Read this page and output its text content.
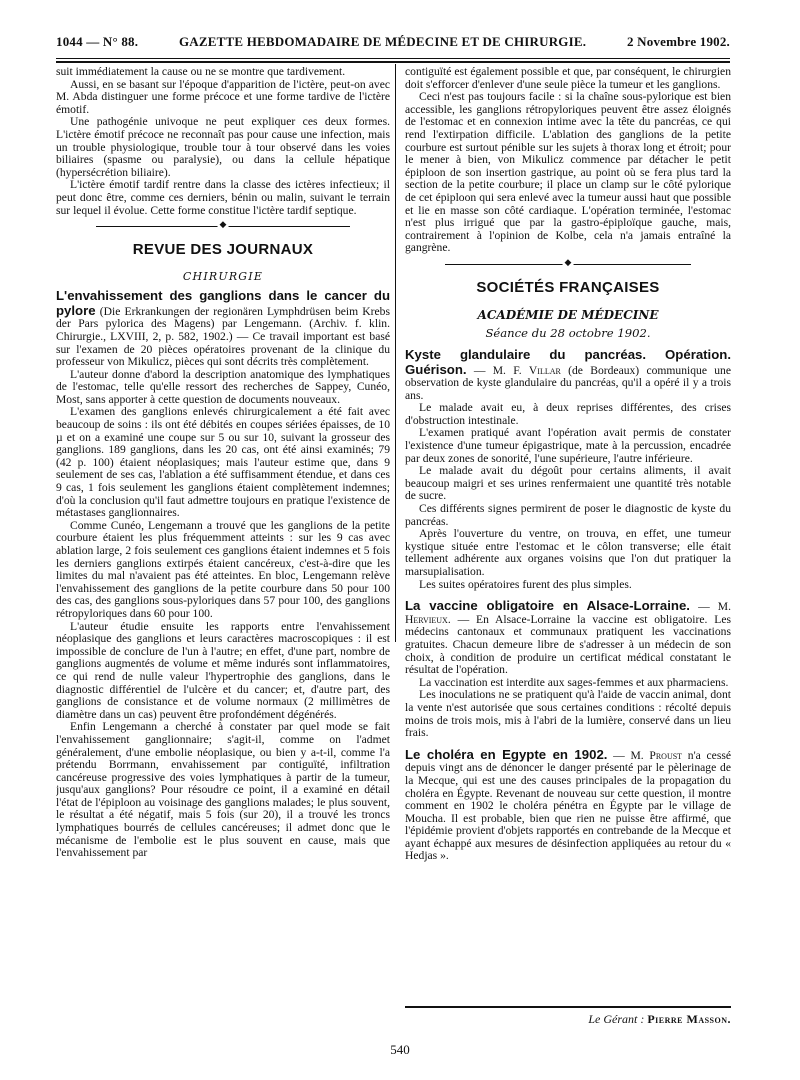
1044 — N° 88.	GAZETTE HEBDOMADAIRE DE MÉDECINE ET DE CHIRURGIE.	2 Novembre 1902.

suit immédiatement la cause ou ne se montre que tardivement.

Aussi, en se basant sur l'époque d'apparition de l'ictère, peut-on avec M. Abda distinguer une forme précoce et une forme tardive de l'ictère émotif.

Une pathogénie univoque ne peut expliquer ces deux formes. L'ictère émotif précoce ne reconnaît pas pour cause une infection, mais un trouble physiologique, trouble tour à tour observé dans les voies biliaires (spasme ou paralysie), ou dans la cellule hépatique (hypersécrétion biliaire).

L'ictère émotif tardif rentre dans la classe des ictères infectieux; il peut donc être, comme ces derniers, bénin ou malin, suivant le terrain sur lequel il évolue. Cette forme constitue l'ictère tardif septique.

◆
REVUE DES JOURNAUX
CHIRURGIE

L'envahissement des ganglions dans le cancer du pylore (Die Erkrankungen der regionären Lymphdrüsen beim Krebs der Pars pylorica des Magens) par Lengemann. (Archiv. f. klin. Chirurgie., LXVIII, 2, p. 582, 1902.) — Ce travail important est basé sur l'examen de 20 pièces opératoires provenant de la clinique du professeur von Mikulicz, pièces qui sont décrits très complètement.

L'auteur donne d'abord la description anatomique des lymphatiques de l'estomac, telle qu'elle ressort des recherches de Sappey, Cunéo, Most, sans apporter à cette question de documents nouveaux.

L'examen des ganglions enlevés chirurgicalement a été fait avec beaucoup de soins : ils ont été débités en coupes sériées épaisses, de 10 µ et on a examiné une coupe sur 5 ou sur 10, suivant la grosseur des ganglions. 189 ganglions, dans les 20 cas, ont été ainsi examinés; 79 (42 p. 100) étaient néoplasiques; mais l'auteur estime que, dans 9 seulement de ses cas, l'ablation a été suffisamment étendue, et dans ces 9 cas, 1 fois seulement les ganglions étaient complètement indemnes; d'où la conclusion qu'il faut admettre toujours en pratique l'existence de métastases ganglionnaires.

Comme Cunéo, Lengemann a trouvé que les ganglions de la petite courbure étaient les plus fréquemment atteints : sur les 9 cas avec ablation large, 2 fois seulement ces ganglions étaient indemnes et 5 fois les derniers ganglions extirpés étaient cancéreux, c'est-à-dire que les limites du mal n'avaient pas été atteintes. En bloc, Lengemann relève l'envahissement des ganglions de la petite courbure dans 50 pour 100 des cas, des ganglions sous-pyloriques dans 57 pour 100, des ganglions rétropyloriques dans 60 pour 100.

L'auteur étudie ensuite les rapports entre l'envahissement néoplasique des ganglions et leurs caractères macroscopiques : il est impossible de conclure de l'un à l'autre; en effet, d'une part, nombre de ganglions augmentés de volume et même indurés sont inflammatoires, ce qui rend de nulle valeur l'hypertrophie des ganglions, dans le diagnostic différentiel de l'ulcère et du cancer; et, d'autre part, des ganglions de consistance et de volume normaux (2 millimètres de diamètre dans un cas) peuvent être profondément dégénérés.

Enfin Lengemann a cherché à constater par quel mode se fait l'envahissement ganglionnaire; s'agit-il, comme on l'admet généralement, d'une embolie néoplasique, ou bien y a-t-il, comme l'a prétendu Borrmann, envahissement par contiguïté, infiltration cancéreuse progressive des voies lymphatiques à partir de la tumeur, jusqu'aux ganglions? Pour résoudre ce point, il a examiné en détail l'état de l'épiploon au voisinage des ganglions malades; le plus souvent, le résultat a été négatif, mais 5 fois (sur 20), il a trouvé les troncs lymphatiques bourrés de cellules cancéreuses; il admet donc que le mécanisme de l'embolie est le plus souvent en cause, mais que l'envahissement par

contiguïté est également possible et que, par conséquent, le chirurgien doit s'efforcer d'enlever d'une seule pièce la tumeur et les ganglions.

Ceci n'est pas toujours facile : si la chaîne sous-pylorique est bien accessible, les ganglions rétropyloriques peuvent être assez éloignés de l'estomac et en connexion intime avec la tête du pancréas, ce qui rend l'extirpation difficile. L'ablation des ganglions de la petite courbure est surtout pénible sur les sujets à thorax long et étroit; pour le mener à bien, von Mikulicz commence par détacher le petit épiploon de son insertion gastrique, au point où se fera plus tard la section de la petite courbure; il place un clamp sur le côté pylorique de cet épiploon qui sera enlevé avec la tumeur aussi haut que possible et lie en masse son côté cardiaque. L'opération terminée, l'estomac n'est plus irrigué que par la gastro-épiploïque gauche, mais, contrairement à l'opinion de Kolbe, cela n'a jamais entraîné la gangrène.

◆
SOCIÉTÉS FRANÇAISES
ACADÉMIE DE MÉDECINE
Séance du 28 octobre 1902.

Kyste glandulaire du pancréas. Opération. Guérison. — M. F. Villar (de Bordeaux) communique une observation de kyste glandulaire du pancréas, qu'il a opéré il y a trois ans.

Le malade avait eu, à deux reprises différentes, des crises d'obstruction intestinale.

L'examen pratiqué avant l'opération avait permis de constater l'existence d'une tumeur épigastrique, mate à la percussion, encadrée par deux zones de sonorité, l'une supérieure, l'autre inférieure.

Le malade avait du dégoût pour certains aliments, il avait beaucoup maigri et ses urines renfermaient une quantité très notable de sucre.

Ces différents signes permirent de poser le diagnostic de kyste du pancréas.

Après l'ouverture du ventre, on trouva, en effet, une tumeur kystique située entre l'estomac et le côlon transverse; elle était tellement adhérente aux organes voisins que l'on dut pratiquer la marsupialisation.

Les suites opératoires furent des plus simples.

La vaccine obligatoire en Alsace-Lorraine. — M. Hervieux. — En Alsace-Lorraine la vaccine est obligatoire. Les médecins cantonaux et communaux pratiquent les vaccinations gratuites. Chacun demeure libre de s'adresser à un médecin de son choix, à condition de produire un certificat médical constatant le résultat de l'opération.

La vaccination est interdite aux sages-femmes et aux pharmaciens.

Les inoculations ne se pratiquent qu'à l'aide de vaccin animal, dont la vente n'est autorisée que sous certaines conditions : récolté depuis moins de trois mois, mis à l'abri de la lumière, conservé dans un lieu frais.

Le choléra en Egypte en 1902. — M. Proust n'a cessé depuis vingt ans de dénoncer le danger présenté par le pèlerinage de la Mecque, qui est une des causes principales de la propagation du choléra en Égypte. Revenant de nouveau sur cette question, il montre comment en 1902 le choléra pénétra en Égypte par le village de Moucha. Il est probable, bien que rien ne puisse être affirmé, que l'épidémie provient d'objets rapportés en contrebande de la Mecque et ayant échappé aux mesures de désinfection appliquées au retour du « Hedjas ».

Le Gérant : Pierre Masson.
540
